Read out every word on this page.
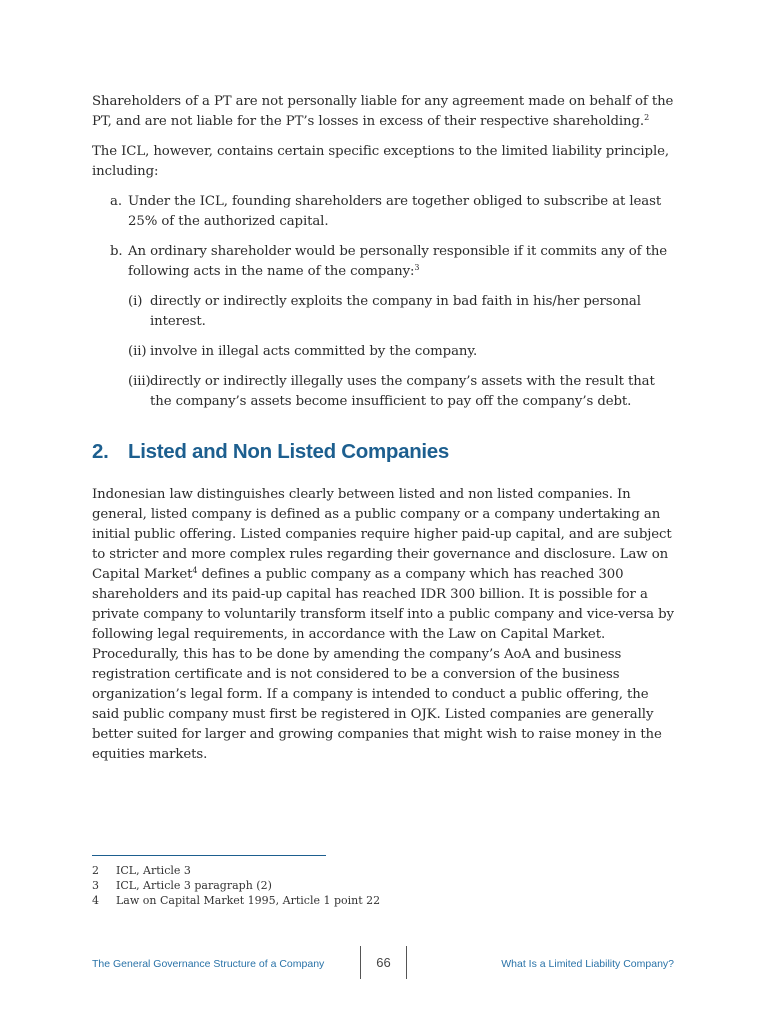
Shareholders of a PT are not personally liable for any agreement made on behalf of the PT, and are not liable for the PT’s losses in excess of their respective shareholding.$^2$

The ICL, however, contains certain specific exceptions to the limited liability principle, including:

a. Under the ICL, founding shareholders are together obliged to subscribe at least 25% of the authorized capital.
b. An ordinary shareholder would be personally responsible if it commits any of the following acts in the name of the company:$^3$
(i) directly or indirectly exploits the company in bad faith in his/her personal interest.
(ii) involve in illegal acts committed by the company.
(iii) directly or indirectly illegally uses the company’s assets with the result that the company’s assets become insufficient to pay off the company’s debt.
2. Listed and Non Listed Companies

Indonesian law distinguishes clearly between listed and non listed companies. In general, listed company is defined as a public company or a company undertaking an initial public offering. Listed companies require higher paid-up capital, and are subject to stricter and more complex rules regarding their governance and disclosure. Law on Capital Market$^4$ defines a public company as a company which has reached 300 shareholders and its paid-up capital has reached IDR 300 billion. It is possible for a private company to voluntarily transform itself into a public company and vice-versa by following legal requirements, in accordance with the Law on Capital Market. Procedurally, this has to be done by amending the company’s AoA and business registration certificate and is not considered to be a conversion of the business organization’s legal form. If a company is intended to conduct a public offering, the said public company must first be registered in OJK. Listed companies are generally better suited for larger and growing companies that might wish to raise money in the equities markets.

2 ICL, Article 3
3 ICL, Article 3 paragraph (2)
4 Law on Capital Market 1995, Article 1 point 22
The General Governance Structure of a Company	66	What Is a Limited Liability Company?
